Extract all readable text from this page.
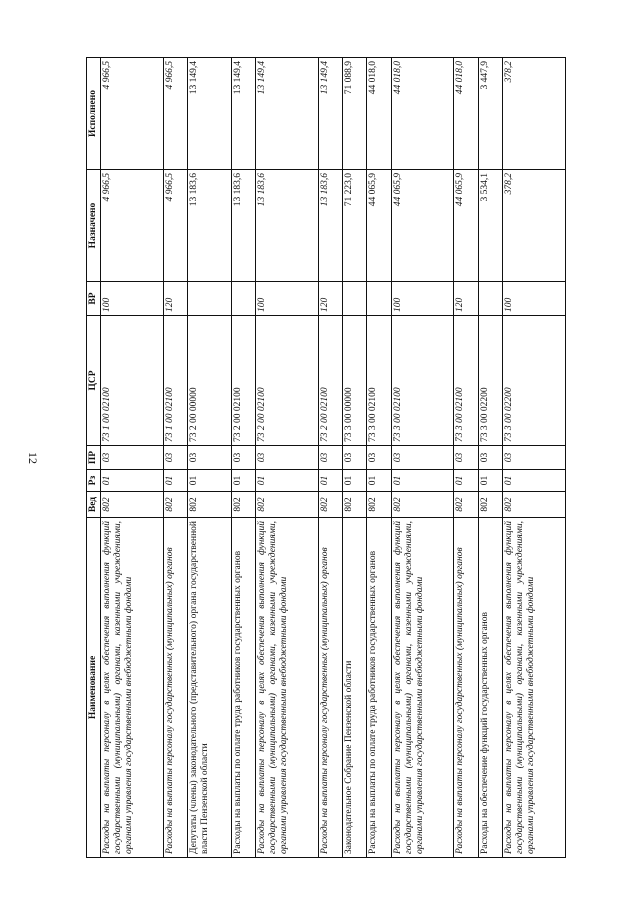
12
Наименование	Вед	Рз	ПР	ЦСР	ВР	Назначено	Исполнено
Расходы на выплаты персоналу в целях обеспечения выполнения функций государственными (муниципальными) органами, казенными учреждениями, органами управления государственными внебюджетными фондами	802	01	03	73 1 00 02100	100	4 966,5	4 966,5
Расходы на выплаты персоналу государственных (муниципальных) органов	802	01	03	73 1 00 02100	120	4 966,5	4 966,5
Депутаты (члены) законодательного (представительного) органа государственной власти Пензенской области	802	01	03	73 2 00 00000		13 183,6	13 149,4
Расходы на выплаты по оплате труда работников государственных органов	802	01	03	73 2 00 02100		13 183,6	13 149,4
Расходы на выплаты персоналу в целях обеспечения выполнения функций государственными (муниципальными) органами, казенными учреждениями, органами управления государственными внебюджетными фондами	802	01	03	73 2 00 02100	100	13 183,6	13 149,4
Расходы на выплаты персоналу государственных (муниципальных) органов	802	01	03	73 2 00 02100	120	13 183,6	13 149,4
Законодательное Собрание Пензенской области	802	01	03	73 3 00 00000		71 223,0	71 088,9
Расходы на выплаты по оплате труда работников государственных органов	802	01	03	73 3 00 02100		44 065,9	44 018,0
Расходы на выплаты персоналу в целях обеспечения выполнения функций государственными (муниципальными) органами, казенными учреждениями, органами управления государственными внебюджетными фондами	802	01	03	73 3 00 02100	100	44 065,9	44 018,0
Расходы на выплаты персоналу государственных (муниципальных) органов	802	01	03	73 3 00 02100	120	44 065,9	44 018,0
Расходы на обеспечение функций государственных органов	802	01	03	73 3 00 02200		3 534,1	3 447,9
Расходы на выплаты персоналу в целях обеспечения выполнения функций государственными (муниципальными) органами, казенными учреждениями, органами управления государственными внебюджетными фондами	802	01	03	73 3 00 02200	100	378,2	378,2
